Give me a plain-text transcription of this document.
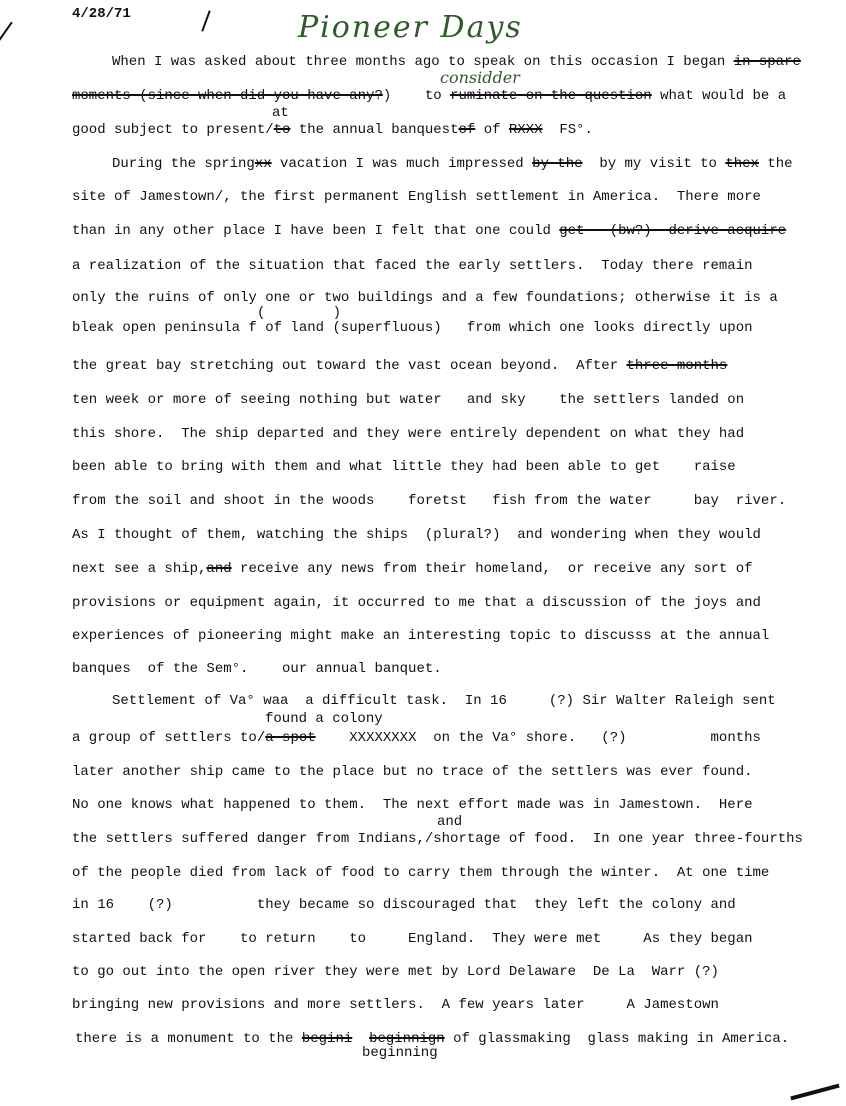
4/28/71	Pioneer Days
considder
When I was asked about three months ago to speak on this occasion I began in spare
moments (since when did you have any?)    to ruminate on the question what would be a
at
good subject to present/to the annual banquestof of RXXX  FS°.
During the springxx vacation I was much impressed by the  by my visit to thex the
site of Jamestown/, the first permanent English settlement in America.  There more
than in any other place I have been I felt that one could get   (bw?)  derive acquire
a realization of the situation that faced the early settlers.  Today there remain
only the ruins of only one or two buildings and a few foundations; otherwise it is a
(        )
bleak open peninsula f of land (superfluous)   from which one looks directly upon
the great bay stretching out toward the vast ocean beyond.  After three months
ten week or more of seeing nothing but water   and sky    the settlers landed on
this shore.  The ship departed and they were entirely dependent on what they had
been able to bring with them and what little they had been able to get    raise
from the soil and shoot in the woods    foretst   fish from the water     bay  river.
As I thought of them, watching the ships  (plural?)  and wondering when they would
next see a ship,and receive any news from their homeland,  or receive any sort of
provisions or equipment again, it occurred to me that a discussion of the joys and
experiences of pioneering might make an interesting topic to discusss at the annual
banques  of the Sem°.    our annual banquet.
Settlement of Va° waa  a difficult task.  In 16     (?) Sir Walter Raleigh sent
found a colony
a group of settlers to/a spot    XXXXXXXX  on the Va° shore.   (?)          months
later another ship came to the place but no trace of the settlers was ever found.
No one knows what happened to them.  The next effort made was in Jamestown.  Here
and
the settlers suffered danger from Indians,/shortage of food.  In one year three-fourths
of the people died from lack of food to carry them through the winter.  At one time
in 16    (?)          they became so discouraged that  they left the colony and
started back for    to return    to     England.  They were met     As they began
to go out into the open river they were met by Lord Delaware  De La  Warr (?)
bringing new provisions and more settlers.  A few years later     A Jamestown
there is a monument to the begini beginnign of glassmaking  glass making in America.
beginning
